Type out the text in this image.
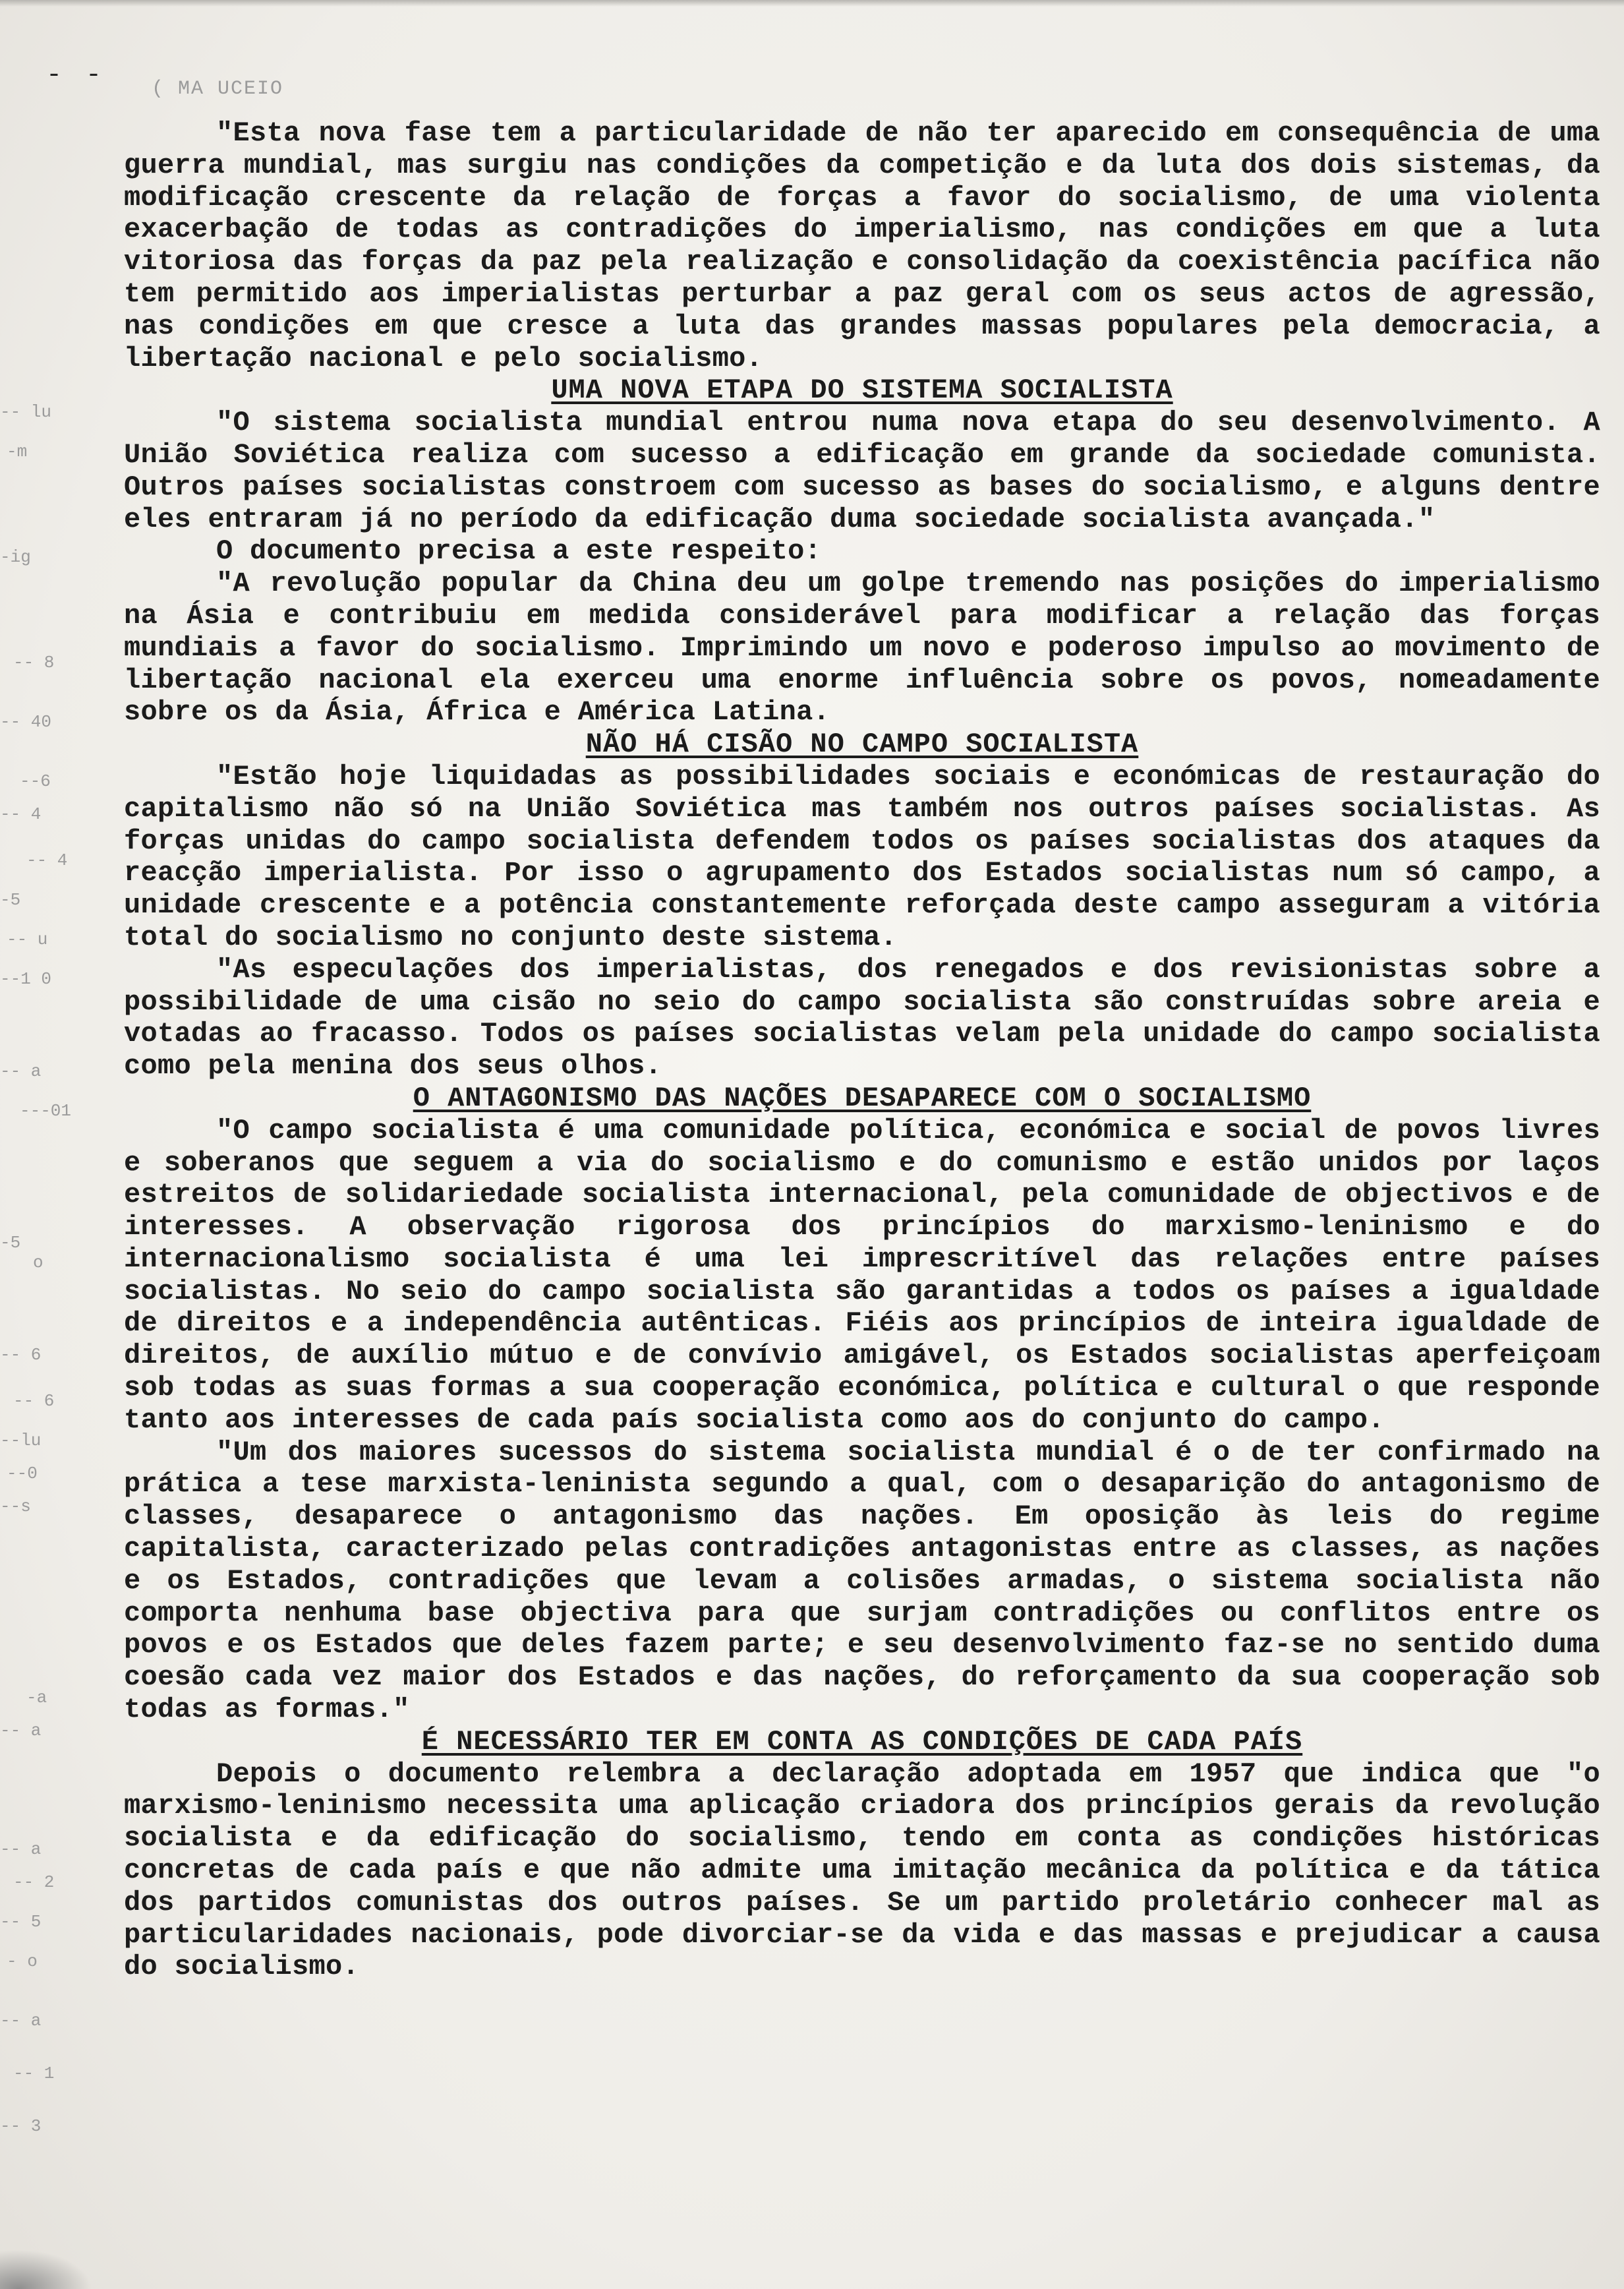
- - ( MA UCEIO
-- lu
-m
-ig
-- 8
-- 40
--6
-- 4
-- 4
-5
-- u
--1 0
-- a
---01
-5
o
-- 6
-- 6
--lu
--0
--s
-a
-- a
-- a
-- 2
-- 5
- o
-- a
-- 1
-- 3

"Esta nova fase tem a particularidade de não ter aparecido em consequência de uma guerra mundial, mas surgiu nas condições da competição e da luta dos dois sistemas, da modificação crescente da relação de forças a favor do socialismo, de uma violenta exacerbação de todas as contradições do imperialismo, nas condições em que a luta vitoriosa das forças da paz pela realização e consolidação da coexistência pacífica não tem permitido aos imperialistas perturbar a paz geral com os seus actos de agressão, nas condições em que cresce a luta das grandes massas populares pela democracia, a libertação nacional e pelo socialismo.

UMA NOVA ETAPA DO SISTEMA SOCIALISTA

"O sistema socialista mundial entrou numa nova etapa do seu desenvolvimento. A União Soviética realiza com sucesso a edificação em grande da sociedade comunista. Outros países socialistas constroem com sucesso as bases do socialismo, e alguns dentre eles entraram já no período da edificação duma sociedade socialista avançada."

O documento precisa a este respeito:

"A revolução popular da China deu um golpe tremendo nas posições do imperialismo na Ásia e contribuiu em medida considerável para modificar a relação das forças mundiais a favor do socialismo. Imprimindo um novo e poderoso impulso ao movimento de libertação nacional ela exerceu uma enorme influência sobre os povos, nomeadamente sobre os da Ásia, África e América Latina.

NÃO HÁ CISÃO NO CAMPO SOCIALISTA

"Estão hoje liquidadas as possibilidades sociais e económicas de restauração do capitalismo não só na União Soviética mas também nos outros países socialistas. As forças unidas do campo socialista defendem todos os países socialistas dos ataques da reacção imperialista. Por isso o agrupamento dos Estados socialistas num só campo, a unidade crescente e a potência constantemente reforçada deste campo asseguram a vitória total do socialismo no conjunto deste sistema.

"As especulações dos imperialistas, dos renegados e dos revisionistas sobre a possibilidade de uma cisão no seio do campo socialista são construídas sobre areia e votadas ao fracasso. Todos os países socialistas velam pela unidade do campo socialista como pela menina dos seus olhos.

O ANTAGONISMO DAS NAÇÕES DESAPARECE COM O SOCIALISMO

"O campo socialista é uma comunidade política, económica e social de povos livres e soberanos que seguem a via do socialismo e do comunismo e estão unidos por laços estreitos de solidariedade socialista internacional, pela comunidade de objectivos e de interesses. A observação rigorosa dos princípios do marxismo-leninismo e do internacionalismo socialista é uma lei imprescritível das relações entre países socialistas. No seio do campo socialista são garantidas a todos os países a igualdade de direitos e a independência autênticas. Fiéis aos princípios de inteira igualdade de direitos, de auxílio mútuo e de convívio amigável, os Estados socialistas aperfeiçoam sob todas as suas formas a sua cooperação económica, política e cultural o que responde tanto aos interesses de cada país socialista como aos do conjunto do campo.

"Um dos maiores sucessos do sistema socialista mundial é o de ter confirmado na prática a tese marxista-leninista segundo a qual, com o desaparição do antagonismo de classes, desaparece o antagonismo das nações. Em oposição às leis do regime capitalista, caracterizado pelas contradições antagonistas entre as classes, as nações e os Estados, contradições que levam a colisões armadas, o sistema socialista não comporta nenhuma base objectiva para que surjam contradições ou conflitos entre os povos e os Estados que deles fazem parte; e seu desenvolvimento faz-se no sentido duma coesão cada vez maior dos Estados e das nações, do reforçamento da sua cooperação sob todas as formas."

É NECESSÁRIO TER EM CONTA AS CONDIÇÕES DE CADA PAÍS

Depois o documento relembra a declaração adoptada em 1957 que indica que "o marxismo-leninismo necessita uma aplicação criadora dos princípios gerais da revolução socialista e da edificação do socialismo, tendo em conta as condições históricas concretas de cada país e que não admite uma imitação mecânica da política e da tática dos partidos comunistas dos outros países. Se um partido proletário conhecer mal as particularidades nacionais, pode divorciar-se da vida e das massas e prejudicar a causa do socialismo.
